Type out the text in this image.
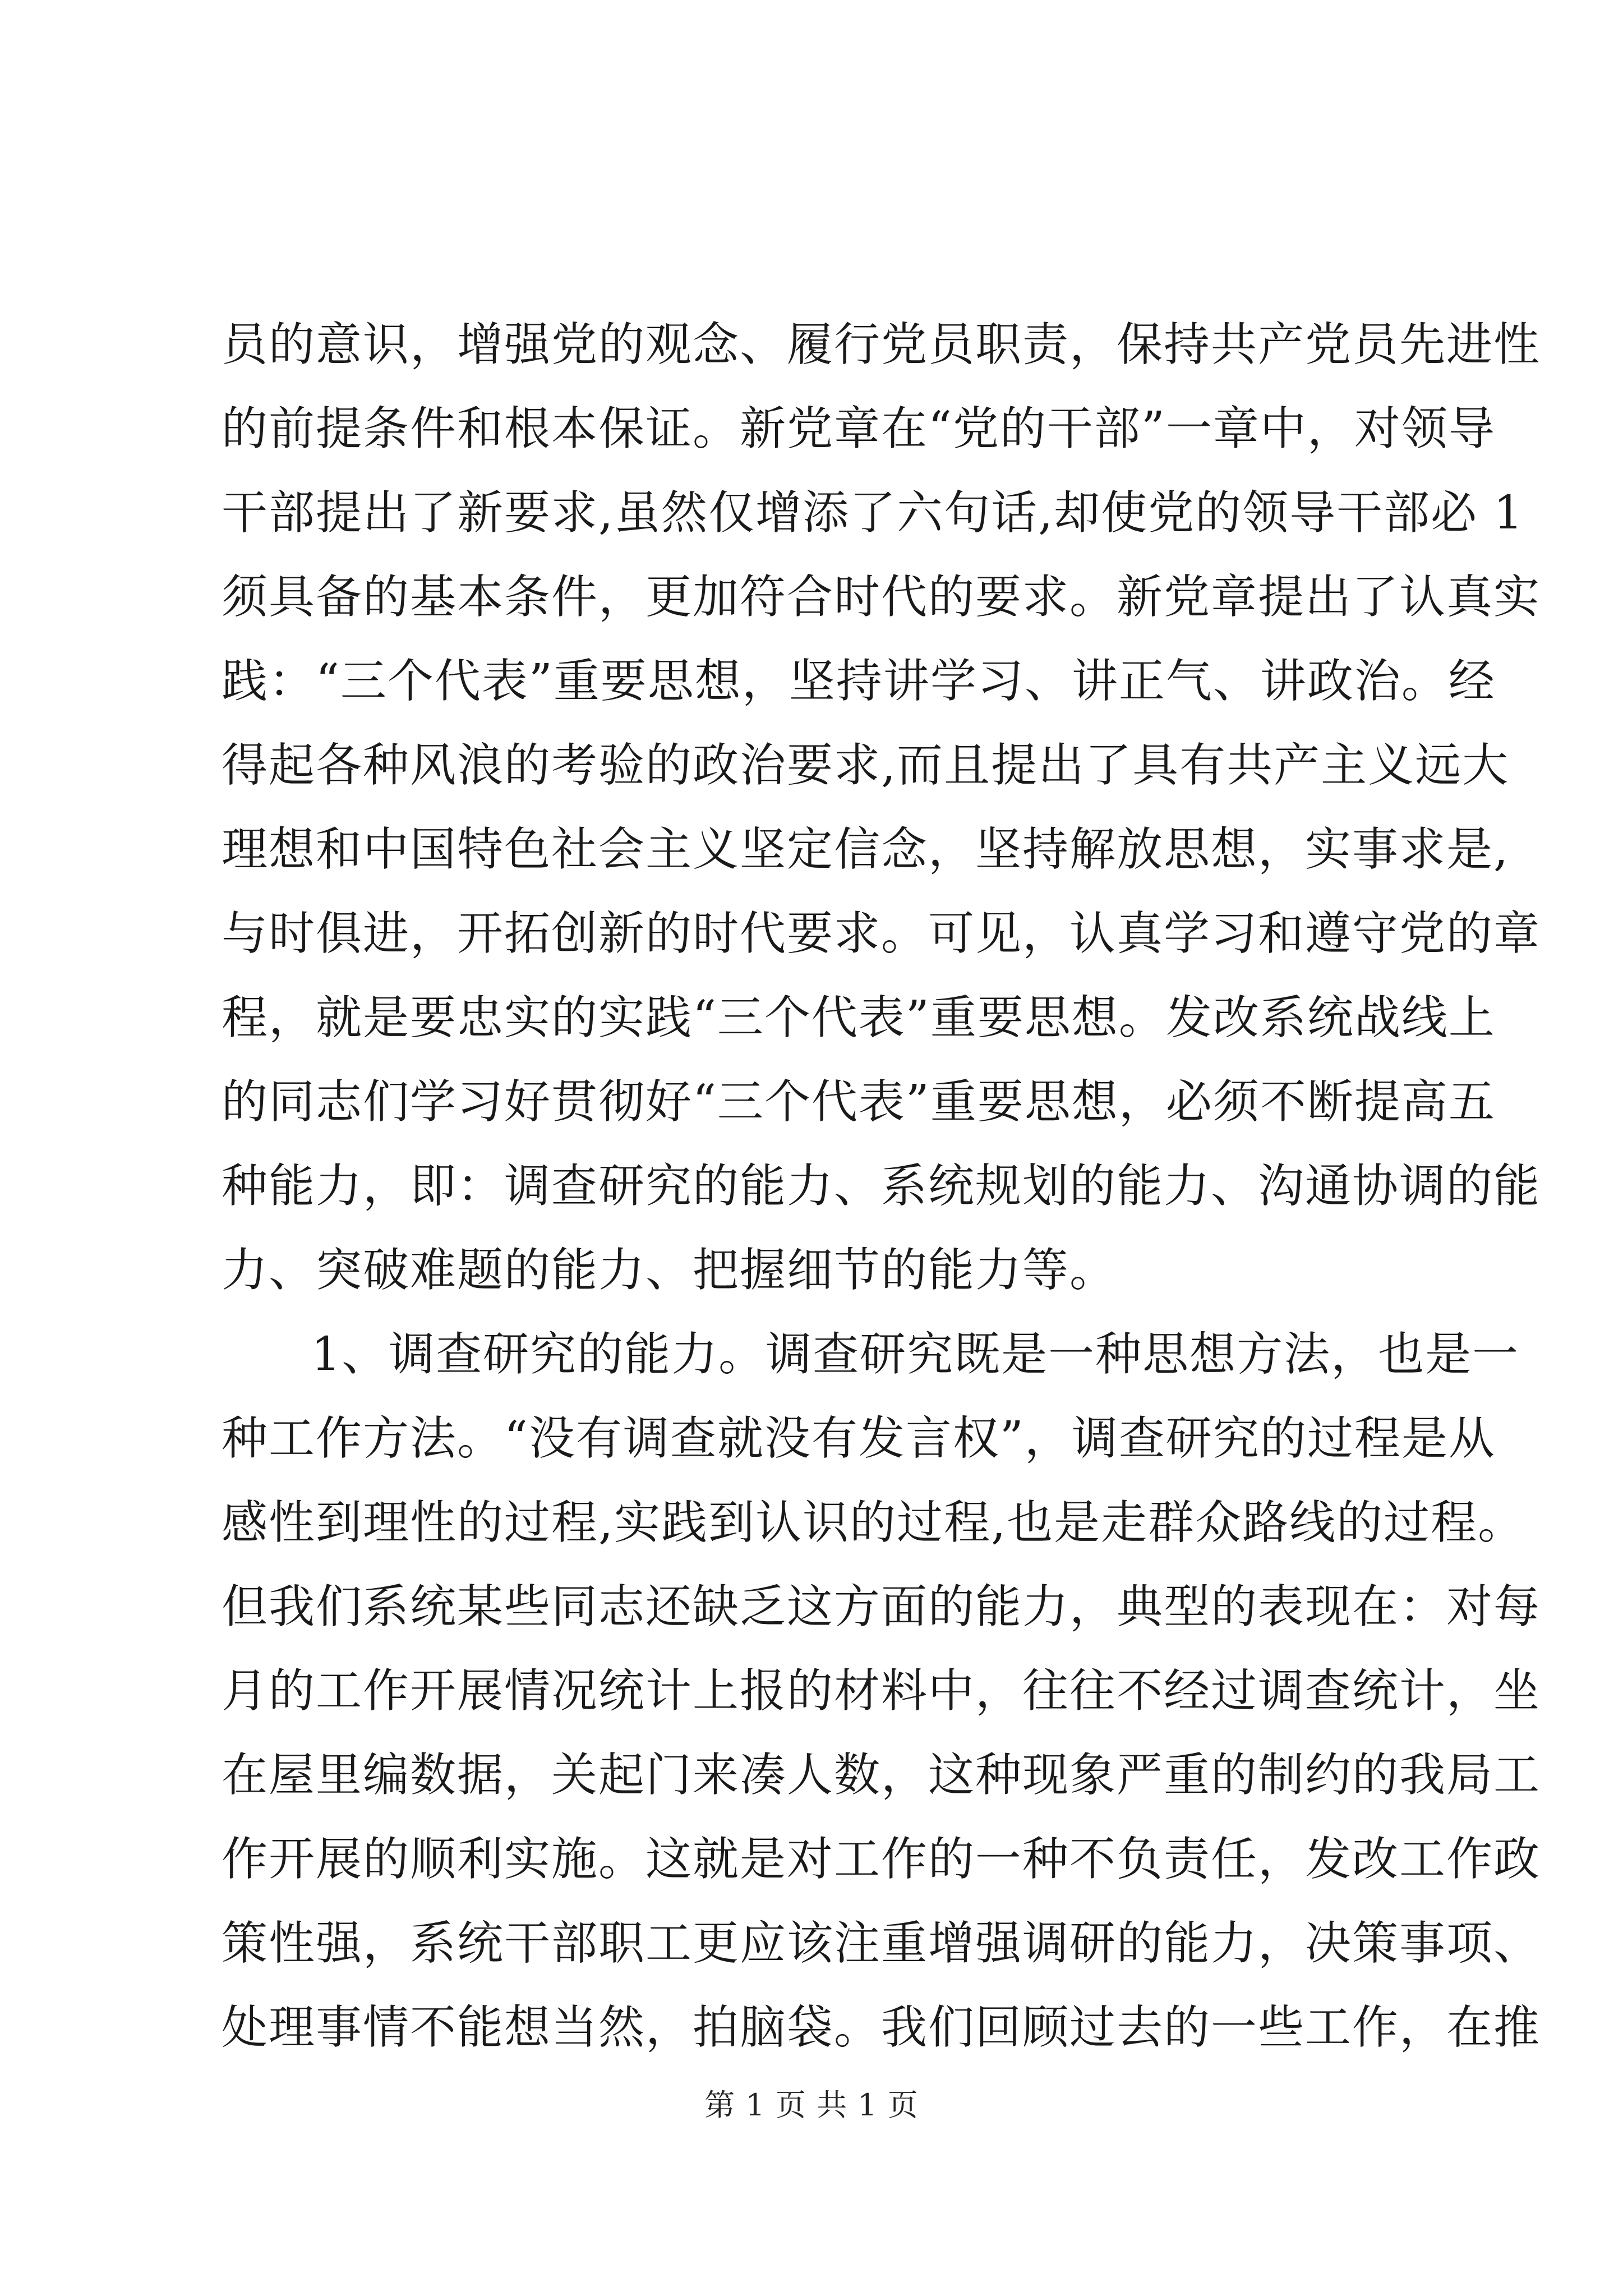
员的意识，增强党的观念、履行党员职责，保持共产党员先进性
的前提条件和根本保证。新党章在“党的干部”一章中，对领导
干部提出了新要求,虽然仅增添了六句话,却使党的领导干部必 1
须具备的基本条件，更加符合时代的要求。新党章提出了认真实
践：“三个代表”重要思想，坚持讲学习、讲正气、讲政治。经
得起各种风浪的考验的政治要求,而且提出了具有共产主义远大
理想和中国特色社会主义坚定信念，坚持解放思想，实事求是,
与时俱进，开拓创新的时代要求。可见，认真学习和遵守党的章
程，就是要忠实的实践“三个代表”重要思想。发改系统战线上
的同志们学习好贯彻好“三个代表”重要思想，必须不断提高五
种能力，即：调查研究的能力、系统规划的能力、沟通协调的能
力、突破难题的能力、把握细节的能力等。
1、调查研究的能力。调查研究既是一种思想方法，也是一
种工作方法。“没有调查就没有发言权”，调查研究的过程是从
感性到理性的过程,实践到认识的过程,也是走群众路线的过程。
但我们系统某些同志还缺乏这方面的能力，典型的表现在：对每
月的工作开展情况统计上报的材料中，往往不经过调查统计，坐
在屋里编数据，关起门来凑人数，这种现象严重的制约的我局工
作开展的顺利实施。这就是对工作的一种不负责任，发改工作政
策性强，系统干部职工更应该注重增强调研的能力，决策事项、
处理事情不能想当然，拍脑袋。我们回顾过去的一些工作，在推
第 1 页 共 1 页
